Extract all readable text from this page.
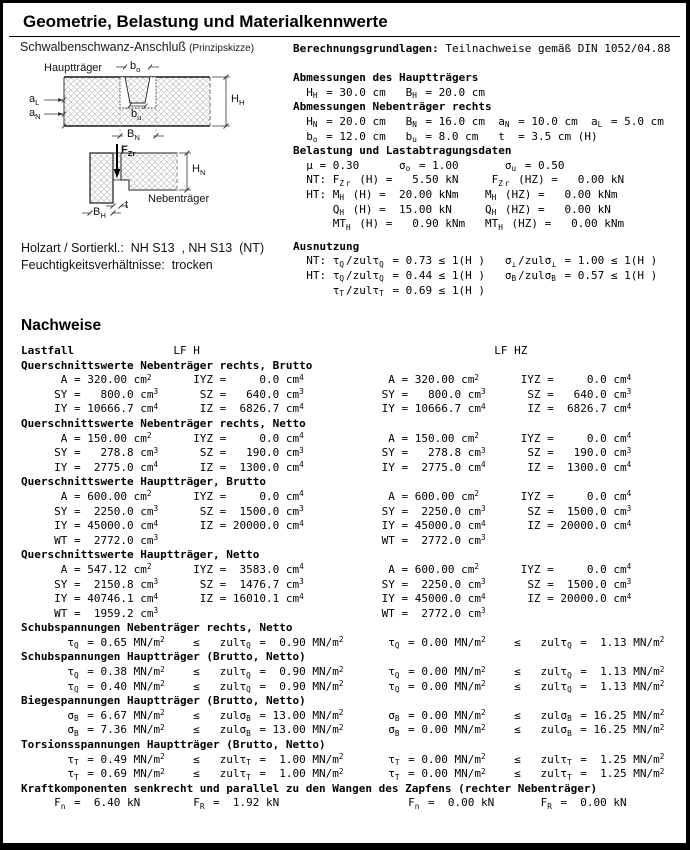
Geometrie, Belastung und Materialkennwerte
Schwalbenschwanz-Anschluß (Prinzipskizze)
Hauptträger	$b_o$
$a_L$
$a_N$
$H_H$
$b_u$
$B_N$
$F_{Zr}$
$H_N$
Nebenträger
t
$B_H$
Holzart / Sortierkl.:  NH S13  , NH S13  (NT)
Feuchtigkeitsverhältnisse:  trocken
Berechnungsgrundlagen: Teilnachweise gemäß DIN 1052/04.88
Abmessungen des Hauptträgers
$H_H = 30.0$ cm   $B_H = 20.0$ cm
Abmessungen Nebenträger rechts
$H_N = 20.0$ cm   $B_N = 16.0$ cm  $a_N = 10.0$ cm  $a_L = 5.0$ cm
$b_o = 12.0$ cm   $b_u = 8.0$ cm   t  = 3.5 cm (H)
Belastung und Lastabtragungsdaten
μ = 0.30      $\sigma_o = 1.00$       $\sigma_u = 0.50$
NT: $F_Z$ $_r$ (H) =   5.50 kN     $F_Z$ $_r$ (HZ) =   0.00 kN
HT: $M_H$ (H) =  20.00 kNm    $M_H$ (HZ) =   0.00 kNm
$Q_H$ (H) =  15.00 kN     $Q_H$ (HZ) =   0.00 kN
$MT_H$ (H) =   0.90 kNm   $MT_H$ (HZ) =   0.00 kNm
Ausnutzung
NT: $\tau_Q$ /zulτ$_Q$ = 0.73 ≤ 1(H )   $\sigma_\perp$ /zulσ$_\perp$ = 1.00 ≤ 1(H )
HT: $\tau_Q$ /zulτ$_Q$ = 0.44 ≤ 1(H )   $\sigma_B$ /zulσ$_B$ = 0.57 ≤ 1(H )
$\tau_T$ /zulτ$_T$ = 0.69 ≤ 1(H )
Nachweise
Lastfall               LF H	LF HZ
Querschnittswerte Nebenträger rechts, Brutto
A = 320.00 $cm^2$      IYZ =     0.0 $cm^4$	A = 320.00 $cm^2$      IYZ =     0.0 $cm^4$
SY =   800.0 $cm^3$      SZ =   640.0 $cm^3$	SY =   800.0 $cm^3$      SZ =   640.0 $cm^3$
IY = 10666.7 $cm^4$      IZ =  6826.7 $cm^4$	IY = 10666.7 $cm^4$      IZ =  6826.7 $cm^4$
Querschnittswerte Nebenträger rechts, Netto
A = 150.00 $cm^2$      IYZ =     0.0 $cm^4$	A = 150.00 $cm^2$      IYZ =     0.0 $cm^4$
SY =   278.8 $cm^3$      SZ =   190.0 $cm^3$	SY =   278.8 $cm^3$      SZ =   190.0 $cm^3$
IY =  2775.0 $cm^4$      IZ =  1300.0 $cm^4$	IY =  2775.0 $cm^4$      IZ =  1300.0 $cm^4$
Querschnittswerte Hauptträger, Brutto
A = 600.00 $cm^2$      IYZ =     0.0 $cm^4$	A = 600.00 $cm^2$      IYZ =     0.0 $cm^4$
SY =  2250.0 $cm^3$      SZ =  1500.0 $cm^3$	SY =  2250.0 $cm^3$      SZ =  1500.0 $cm^3$
IY = 45000.0 $cm^4$      IZ = 20000.0 $cm^4$	IY = 45000.0 $cm^4$      IZ = 20000.0 $cm^4$
WT =  2772.0 $cm^3$	WT =  2772.0 $cm^3$
Querschnittswerte Hauptträger, Netto
A = 547.12 $cm^2$      IYZ =  3583.0 $cm^4$	A = 600.00 $cm^2$      IYZ =     0.0 $cm^4$
SY =  2150.8 $cm^3$      SZ =  1476.7 $cm^3$	SY =  2250.0 $cm^3$      SZ =  1500.0 $cm^3$
IY = 40746.1 $cm^4$      IZ = 16010.1 $cm^4$	IY = 45000.0 $cm^4$      IZ = 20000.0 $cm^4$
WT =  1959.2 $cm^3$	WT =  2772.0 $cm^3$
Schubspannungen Nebenträger rechts, Netto
$\tau_Q = 0.65$ $MN/m^2$    ≤   zulτ$_Q$ =  0.90 $MN/m^2$	$\tau_Q = 0.00$ $MN/m^2$    ≤   zulτ$_Q$ =  1.13 $MN/m^2$
Schubspannungen Hauptträger (Brutto, Netto)
$\tau_Q = 0.38$ $MN/m^2$    ≤   zulτ$_Q$ =  0.90 $MN/m^2$	$\tau_Q = 0.00$ $MN/m^2$    ≤   zulτ$_Q$ =  1.13 $MN/m^2$
$\tau_Q = 0.40$ $MN/m^2$    ≤   zulτ$_Q$ =  0.90 $MN/m^2$	$\tau_Q = 0.00$ $MN/m^2$    ≤   zulτ$_Q$ =  1.13 $MN/m^2$
Biegespannungen Hauptträger (Brutto, Netto)
$\sigma_B = 6.67$ $MN/m^2$    ≤   zulσ$_B$ = 13.00 $MN/m^2$	$\sigma_B = 0.00$ $MN/m^2$    ≤   zulσ$_B$ = 16.25 $MN/m^2$
$\sigma_B = 7.36$ $MN/m^2$    ≤   zulσ$_B$ = 13.00 $MN/m^2$	$\sigma_B = 0.00$ $MN/m^2$    ≤   zulσ$_B$ = 16.25 $MN/m^2$
Torsionsspannungen Hauptträger (Brutto, Netto)
$\tau_T = 0.49$ $MN/m^2$    ≤   zulτ$_T$ =  1.00 $MN/m^2$	$\tau_T = 0.00$ $MN/m^2$    ≤   zulτ$_T$ =  1.25 $MN/m^2$
$\tau_T = 0.69$ $MN/m^2$    ≤   zulτ$_T$ =  1.00 $MN/m^2$	$\tau_T = 0.00$ $MN/m^2$    ≤   zulτ$_T$ =  1.25 $MN/m^2$
Kraftkomponenten senkrecht und parallel zu den Wangen des Zapfens (rechter Nebenträger)
$F_n = 6.40$ kN        $F_R = 1.92$ kN	$F_n = 0.00$ kN       $F_R = 0.00$ kN
